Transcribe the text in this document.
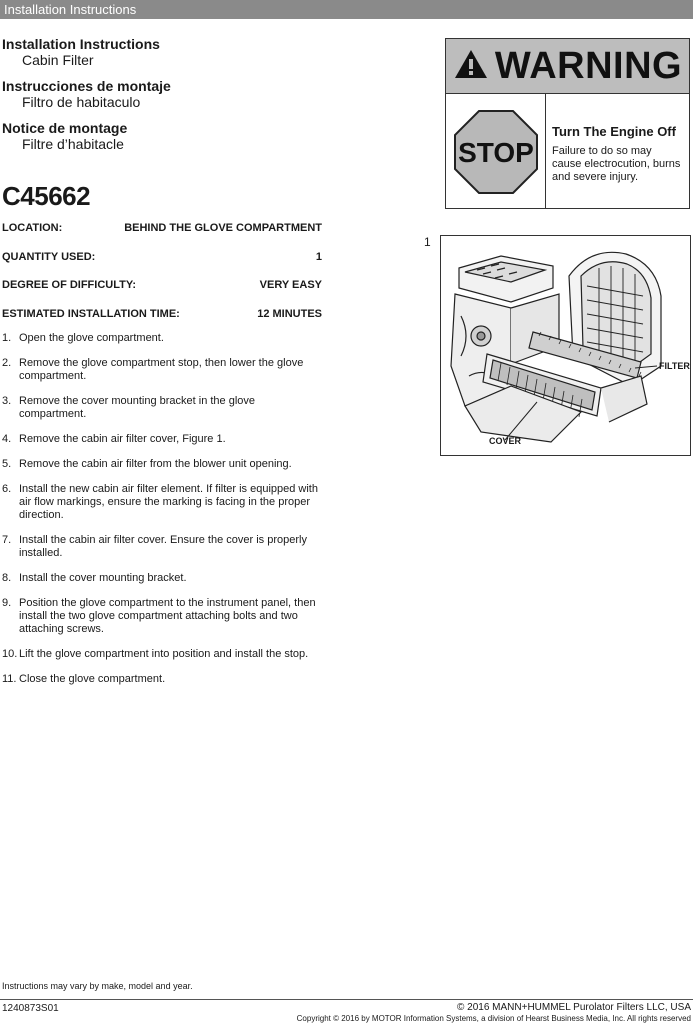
Installation Instructions

Installation Instructions

Cabin Filter

Instrucciones de montaje

Filtro de habitaculo

Notice de montage

Filtre d’habitacle

C45662
LOCATION:	BEHIND THE GLOVE COMPARTMENT
QUANTITY USED:	1
DEGREE OF DIFFICULTY:	VERY EASY
ESTIMATED INSTALLATION TIME:	12 MINUTES
1. Open the glove compartment.
2. Remove the glove compartment stop, then lower the glove compartment.
3. Remove the cover mounting bracket in the glove compartment.
4. Remove the cabin air filter cover, Figure 1.
5. Remove the cabin air filter from the blower unit opening.
6. Install the new cabin air filter element. If filter is equipped with air flow markings, ensure the marking is facing in the proper direction.
7. Install the cabin air filter cover. Ensure the cover is properly installed.
8. Install the cover mounting bracket.
9. Position the glove compartment to the instrument panel, then install the two glove compartment attaching bolts and two attaching screws.
10. Lift the glove compartment into position and install the stop.
11. Close the glove compartment.
WARNING
STOP
Turn The Engine Off
Failure to do so may cause electrocution, burns and severe injury.
1
FILTER
COVER
Instructions may vary by make, model and year.
1240873S01	© 2016 MANN+HUMMEL Purolator Filters LLC, USA
Copyright © 2016 by MOTOR Information Systems, a division of Hearst Business Media, Inc. All rights reserved
